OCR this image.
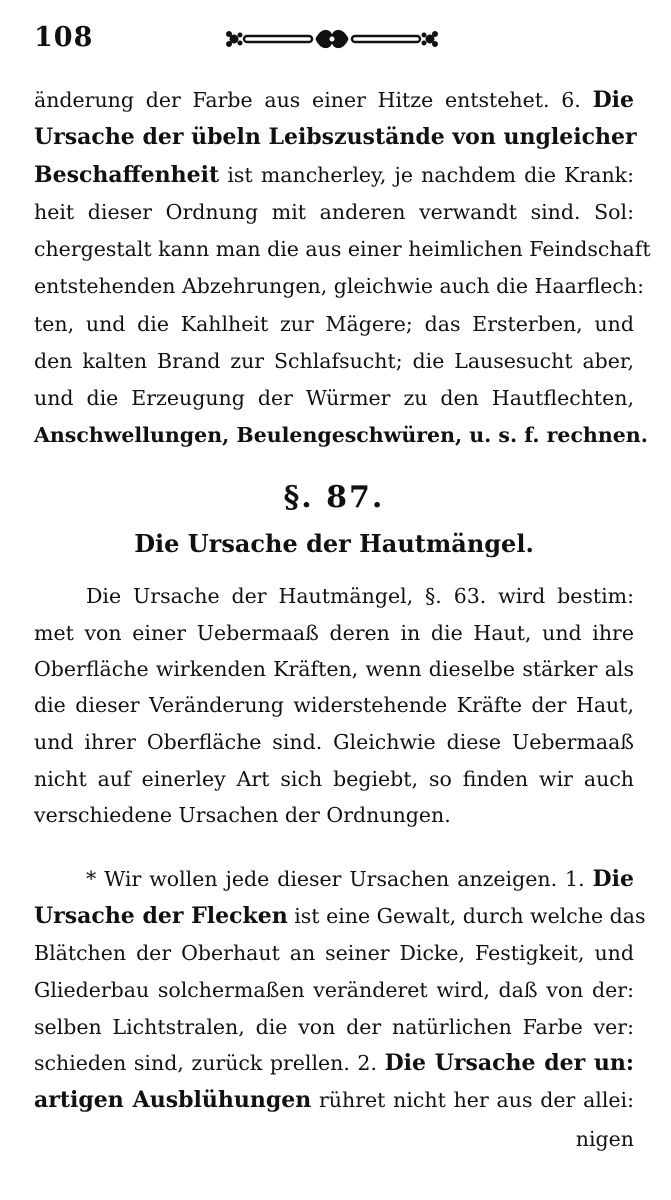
108
änderung der Farbe aus einer Hitze entstehet. 6. Die
Ursache der übeln Leibszustände von ungleicher
Beschaffenheit ist mancherley, je nachdem die Krank:
heit dieser Ordnung mit anderen verwandt sind. Sol:
chergestalt kann man die aus einer heimlichen Feindschaft
entstehenden Abzehrungen, gleichwie auch die Haarflech:
ten, und die Kahlheit zur Mägere; das Ersterben, und
den kalten Brand zur Schlafsucht; die Lausesucht aber,
und die Erzeugung der Würmer zu den Hautflechten,
Anschwellungen, Beulengeschwüren, u. s. f. rechnen.
§. 87.
Die Ursache der Hautmängel.
Die Ursache der Hautmängel, §. 63. wird bestim:
met von einer Uebermaaß deren in die Haut, und ihre
Oberfläche wirkenden Kräften, wenn dieselbe stärker als
die dieser Veränderung widerstehende Kräfte der Haut,
und ihrer Oberfläche sind. Gleichwie diese Uebermaaß
nicht auf einerley Art sich begiebt, so finden wir auch
verschiedene Ursachen der Ordnungen.
* Wir wollen jede dieser Ursachen anzeigen. 1. Die
Ursache der Flecken ist eine Gewalt, durch welche das
Blätchen der Oberhaut an seiner Dicke, Festigkeit, und
Gliederbau solchermaßen veränderet wird, daß von der:
selben Lichtstralen, die von der natürlichen Farbe ver:
schieden sind, zurück prellen. 2. Die Ursache der un:
artigen Ausblühungen rühret nicht her aus der allei:
nigen
